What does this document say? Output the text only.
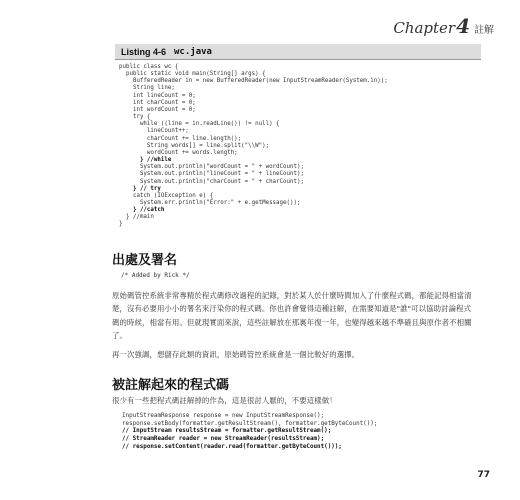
Chapter 4 註解
Listing 4-6 wc.java
public class wc {
public static void main(String[] args) {
BufferedReader in = new BufferedReader(new InputStreamReader(System.in));
String line;
int lineCount = 0;
int charCount = 0;
int wordCount = 0;
try {
while ((line = in.readLine()) != null) {
lineCount++;
charCount += line.length();
String words[] = line.split("\\W");
wordCount += words.length;
} //while
System.out.println("wordCount = " + wordCount);
System.out.println("lineCount = " + lineCount);
System.out.println("charCount = " + charCount);
} // try
catch (IOException e) {
System.err.println("Error:" + e.getMessage());
} //catch
} //main
}
出處及署名
/* Added by Rick */

原始碼管控系統非常專精於程式碼修改過程的記錄，對於某人於什麼時間加入了什麼程式碼，都能記得相當清楚，沒有必要用小小的署名來汙染你的程式碼。你也許會覺得這種註解，在需要知道是"誰"可以協助討論程式碼的時候，相當有用。但就現實面來說，這些註解放在那裏年復一年，也變得越來越不準確且與原作者不相關了。

再一次強調，想儲存此類的資訊，原始碼管控系統會是一個比較好的選擇。

被註解起來的程式碼

很少有一些把程式碼註解掉的作為，這是很討人厭的，不要這樣做！

InputStreamResponse response = new InputStreamResponse();
response.setBody(formatter.getResultStream(), formatter.getByteCount());
// InputStream resultsStream = formatter.getResultStream();
// StreamReader reader = new StreamReader(resultsStream);
// response.setContent(reader.read(formatter.getByteCount()));
77
